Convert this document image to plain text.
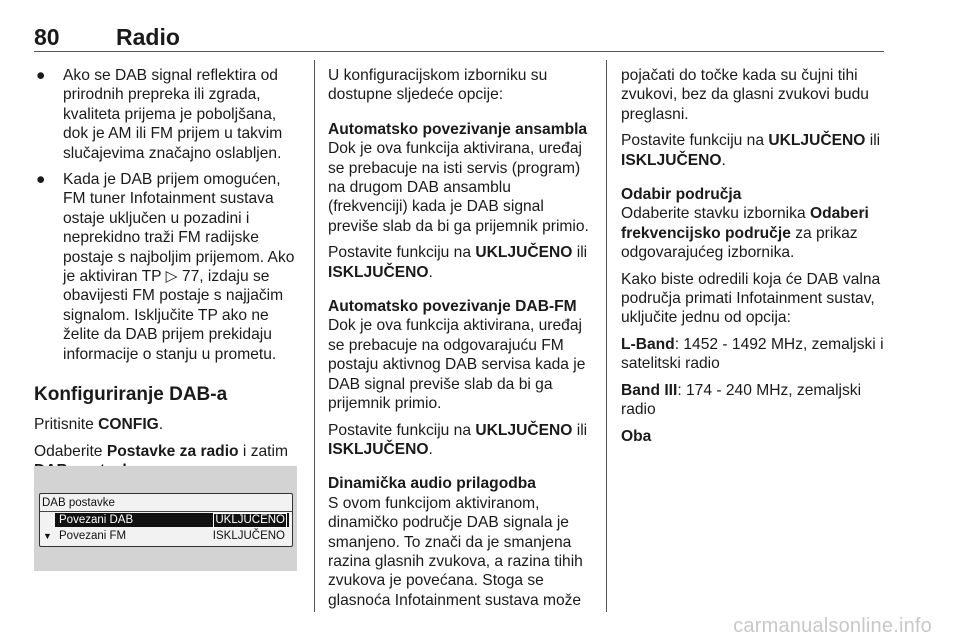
80 Radio
● Ako se DAB signal reflektira od prirodnih prepreka ili zgrada, kvaliteta prijema je poboljšana, dok je AM ili FM prijem u takvim slučajevima značajno oslabljen.
● Kada je DAB prijem omogućen, FM tuner Infotainment sustava ostaje uključen u pozadini i neprekidno traži FM radijske postaje s najboljim prijemom. Ako je aktiviran TP ▷ 77, izdaju se obavijesti FM postaje s najjačim signalom. Isključite TP ako ne želite da DAB prijem prekidaju informacije o stanju u prometu.
Konfiguriranje DAB-a

Pritisnite CONFIG.

Odaberite Postavke za radio i zatim

DAB postavke
Povezani DAB	UKLJUČENO
▼ Povezani FM	ISKLJUČENO

U konfiguracijskom izborniku su dostupne sljedeće opcije:

Automatsko povezivanje ansambla

Dok je ova funkcija aktivirana, uređaj se prebacuje na isti servis (program) na drugom DAB ansamblu (frekvenciji) kada je DAB signal previše slab da bi ga prijemnik primio.

Postavite funkciju na UKLJUČENO ili
ISKLJUČENO.

Automatsko povezivanje DAB-FM

Dok je ova funkcija aktivirana, uređaj se prebacuje na odgovarajuću FM postaju aktivnog DAB servisa kada je DAB signal previše slab da bi ga prijemnik primio.

Postavite funkciju na UKLJUČENO ili
ISKLJUČENO.

Dinamička audio prilagodba

S ovom funkcijom aktiviranom, dinamičko područje DAB signala je smanjeno. To znači da je smanjena razina glasnih zvukova, a razina tihih zvukova je povećana. Stoga se glasnoća Infotainment sustava može

pojačati do točke kada su čujni tihi zvukovi, bez da glasni zvukovi budu preglasni.

Postavite funkciju na UKLJUČENO ili
ISKLJUČENO.

Odabir područja

Odaberite stavku izbornika Odaberi frekvencijsko područje za prikaz odgovarajućeg izbornika.

Kako biste odredili koja će DAB valna područja primati Infotainment sustav, uključite jednu od opcija:

L-Band: 1452 - 1492 MHz, zemaljski i satelitski radio

Band III: 174 - 240 MHz, zemaljski radio

Oba

carmanualsonline.info
